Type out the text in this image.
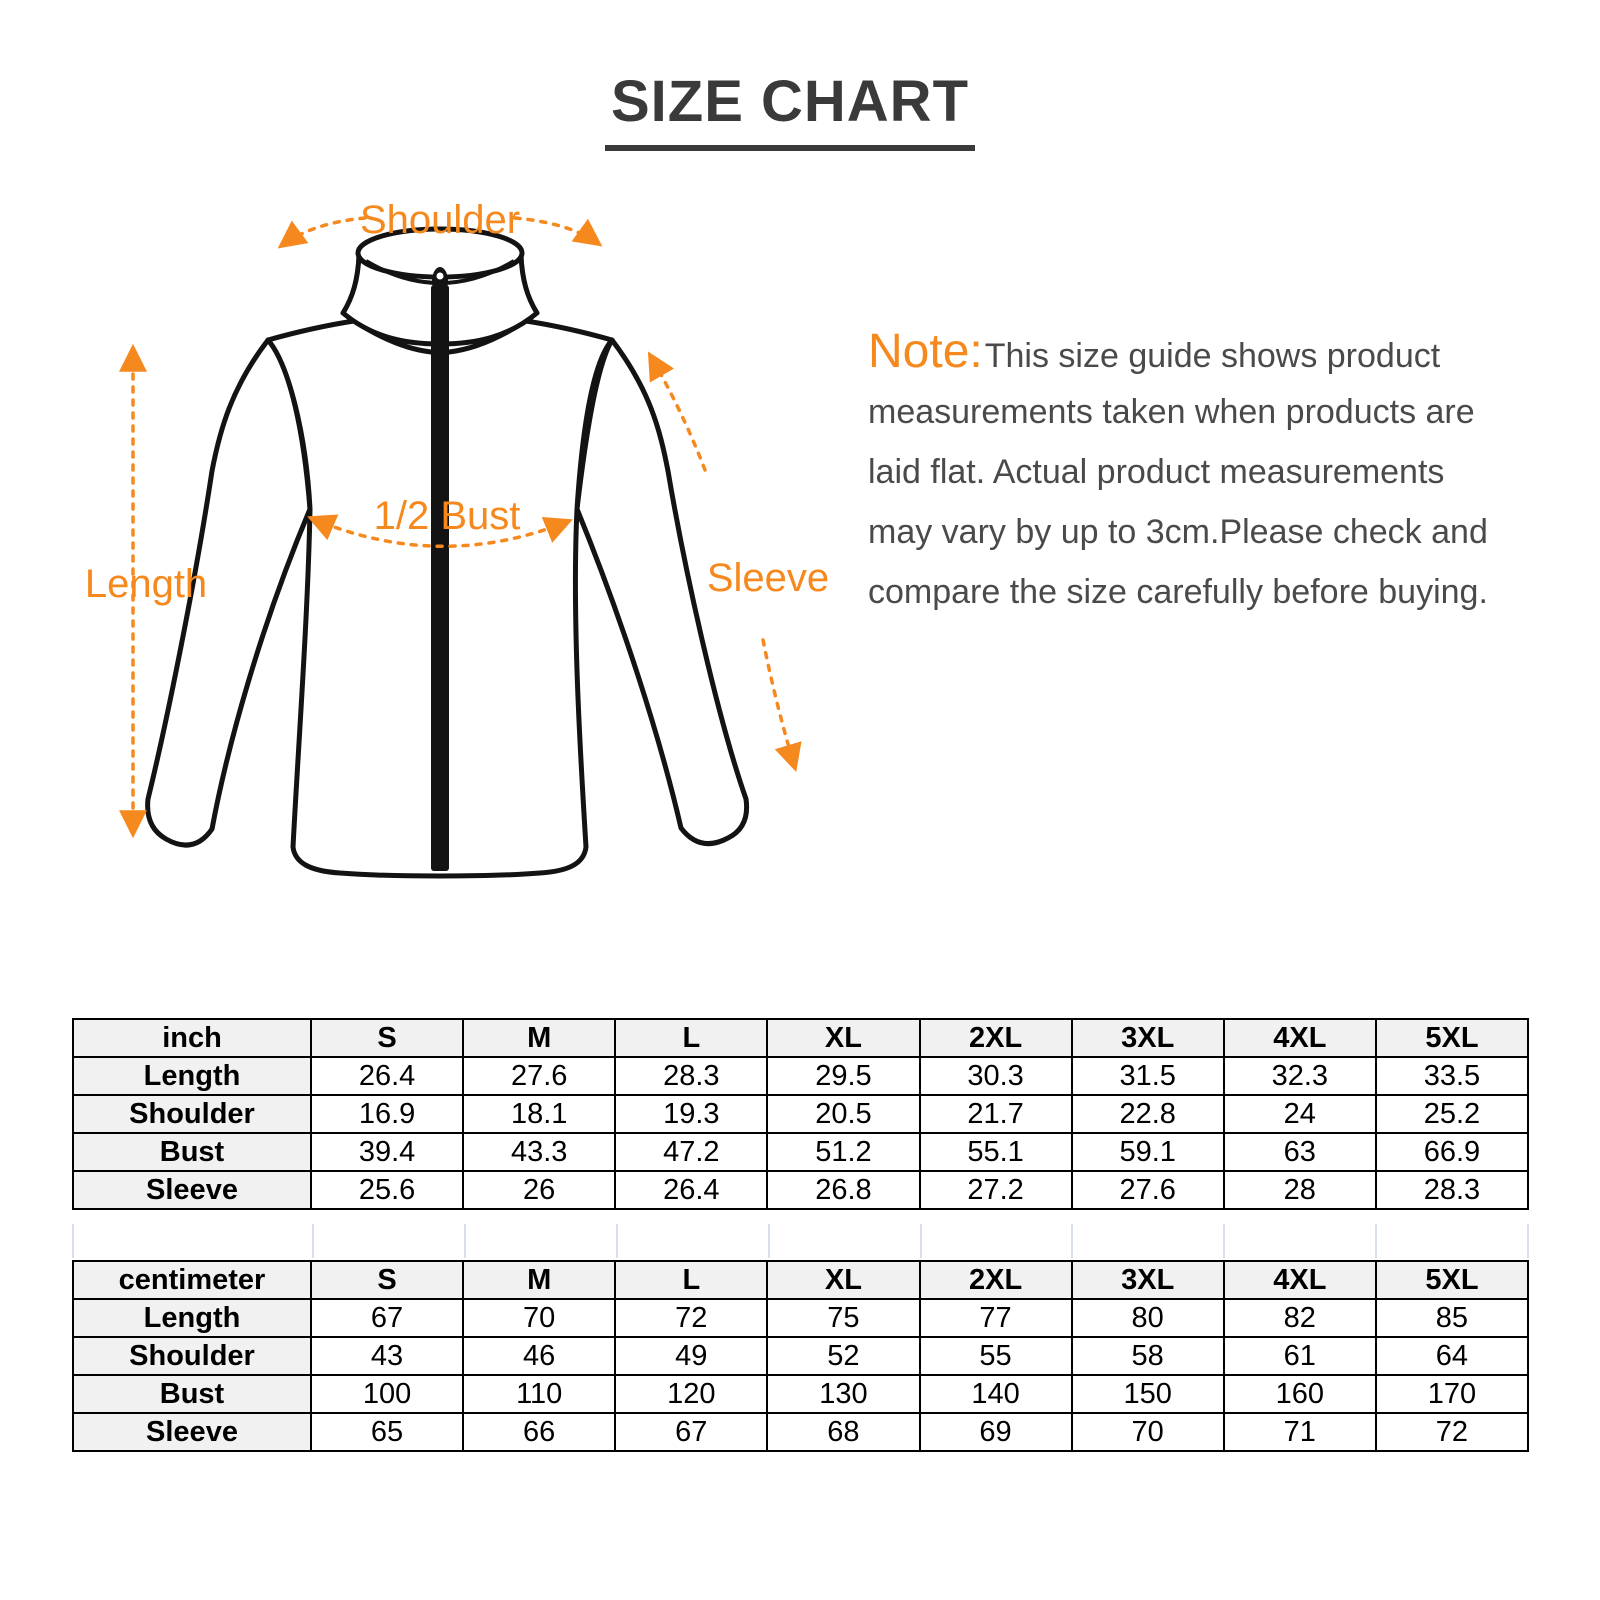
SIZE CHART
Shoulder
Length
1/2 Bust
Sleeve
Note:This size guide shows product
measurements taken when products are
laid flat. Actual product measurements
may vary by up to 3cm.Please check and
compare the size carefully before buying.
inch	S	M	L	XL	2XL	3XL	4XL	5XL
Length	26.4	27.6	28.3	29.5	30.3	31.5	32.3	33.5
Shoulder	16.9	18.1	19.3	20.5	21.7	22.8	24	25.2
Bust	39.4	43.3	47.2	51.2	55.1	59.1	63	66.9
Sleeve	25.6	26	26.4	26.8	27.2	27.6	28	28.3
centimeter	S	M	L	XL	2XL	3XL	4XL	5XL
Length	67	70	72	75	77	80	82	85
Shoulder	43	46	49	52	55	58	61	64
Bust	100	110	120	130	140	150	160	170
Sleeve	65	66	67	68	69	70	71	72
